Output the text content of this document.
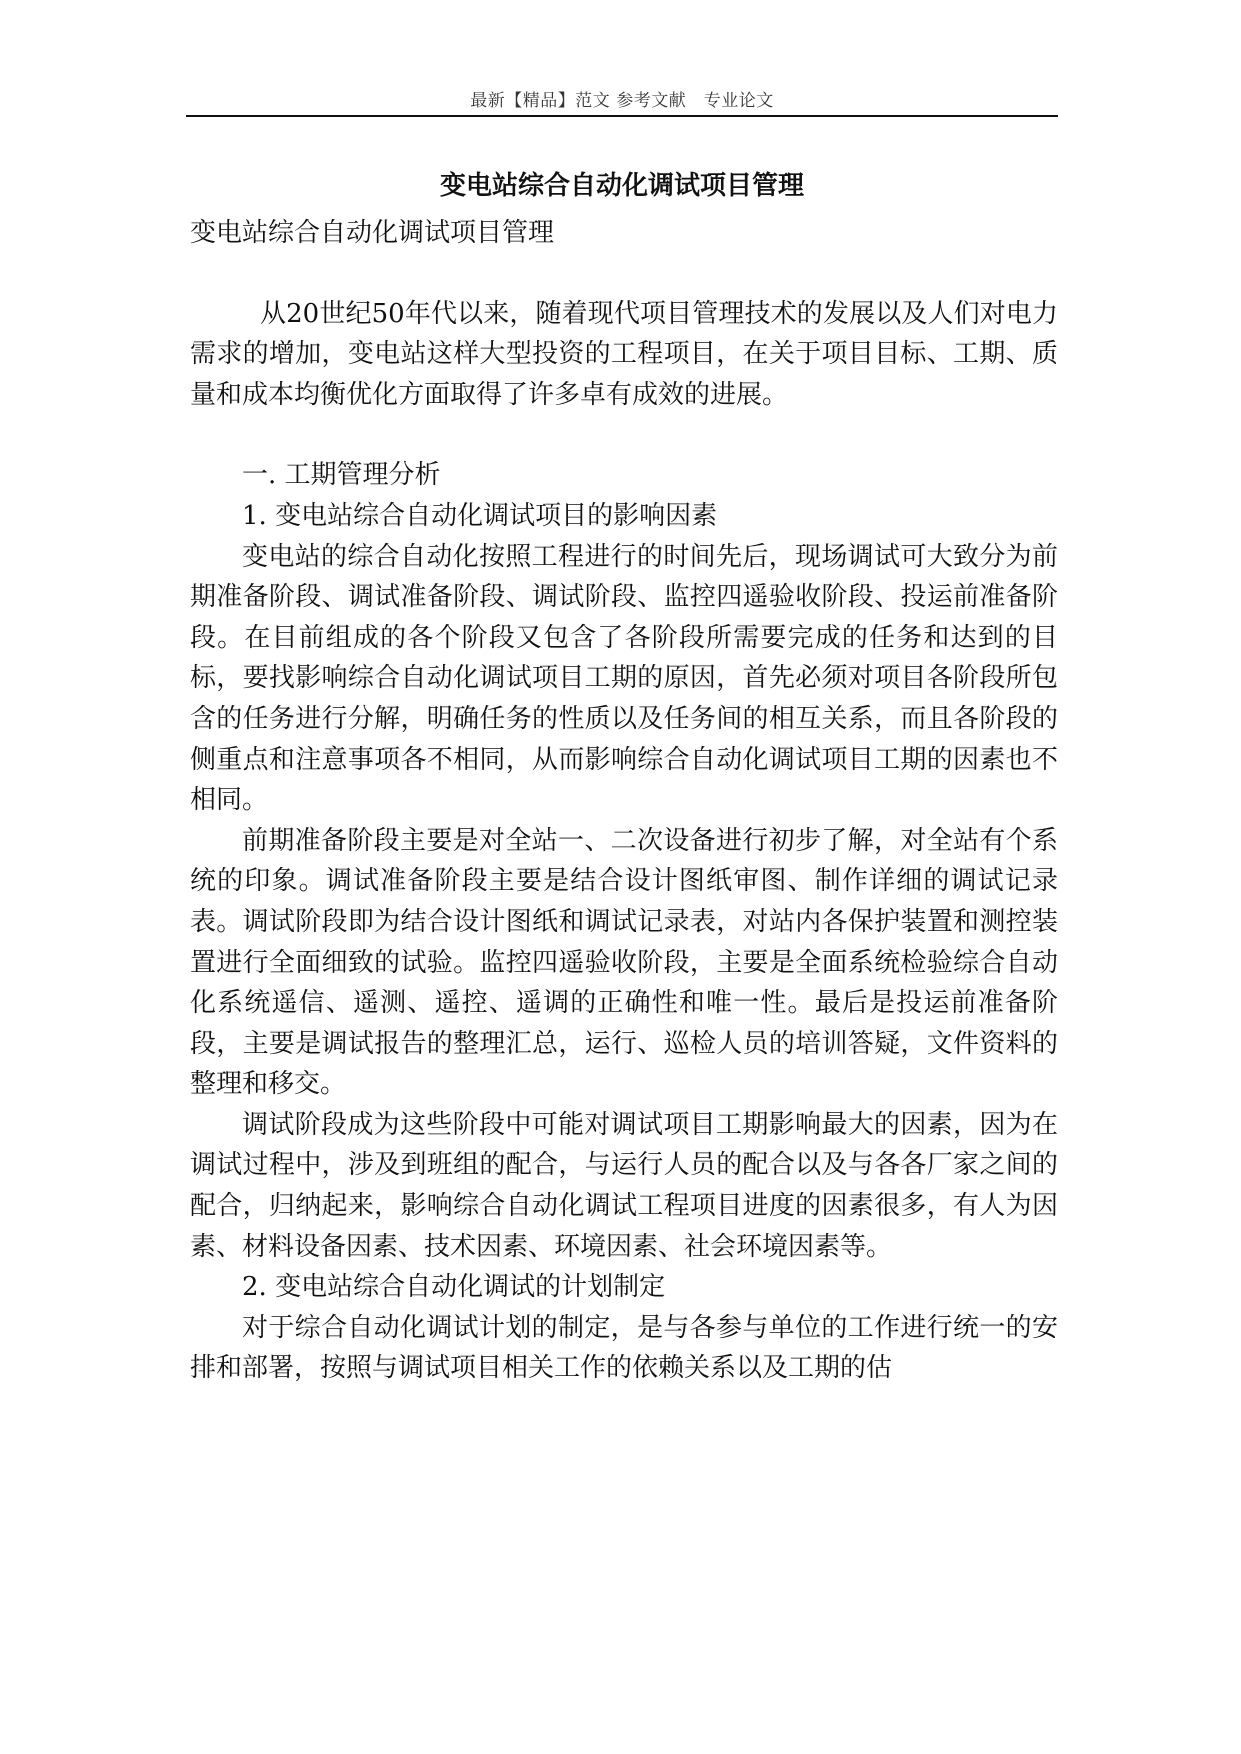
最新【精品】范文 参考文献　专业论文
变电站综合自动化调试项目管理

变电站综合自动化调试项目管理

从20世纪50年代以来，随着现代项目管理技术的发展以及人们对电力需求的增加，变电站这样大型投资的工程项目，在关于项目目标、工期、质量和成本均衡优化方面取得了许多卓有成效的进展。

一. 工期管理分析

1. 变电站综合自动化调试项目的影响因素

变电站的综合自动化按照工程进行的时间先后，现场调试可大致分为前期准备阶段、调试准备阶段、调试阶段、监控四遥验收阶段、投运前准备阶段。在目前组成的各个阶段又包含了各阶段所需要完成的任务和达到的目标，要找影响综合自动化调试项目工期的原因，首先必须对项目各阶段所包含的任务进行分解，明确任务的性质以及任务间的相互关系，而且各阶段的侧重点和注意事项各不相同，从而影响综合自动化调试项目工期的因素也不相同。

前期准备阶段主要是对全站一、二次设备进行初步了解，对全站有个系统的印象。调试准备阶段主要是结合设计图纸审图、制作详细的调试记录表。调试阶段即为结合设计图纸和调试记录表，对站内各保护装置和测控装置进行全面细致的试验。监控四遥验收阶段，主要是全面系统检验综合自动化系统遥信、遥测、遥控、遥调的正确性和唯一性。最后是投运前准备阶段，主要是调试报告的整理汇总，运行、巡检人员的培训答疑，文件资料的整理和移交。

调试阶段成为这些阶段中可能对调试项目工期影响最大的因素，因为在调试过程中，涉及到班组的配合，与运行人员的配合以及与各各厂家之间的配合，归纳起来，影响综合自动化调试工程项目进度的因素很多，有人为因素、材料设备因素、技术因素、环境因素、社会环境因素等。

2. 变电站综合自动化调试的计划制定

对于综合自动化调试计划的制定，是与各参与单位的工作进行统一的安排和部署，按照与调试项目相关工作的依赖关系以及工期的估
